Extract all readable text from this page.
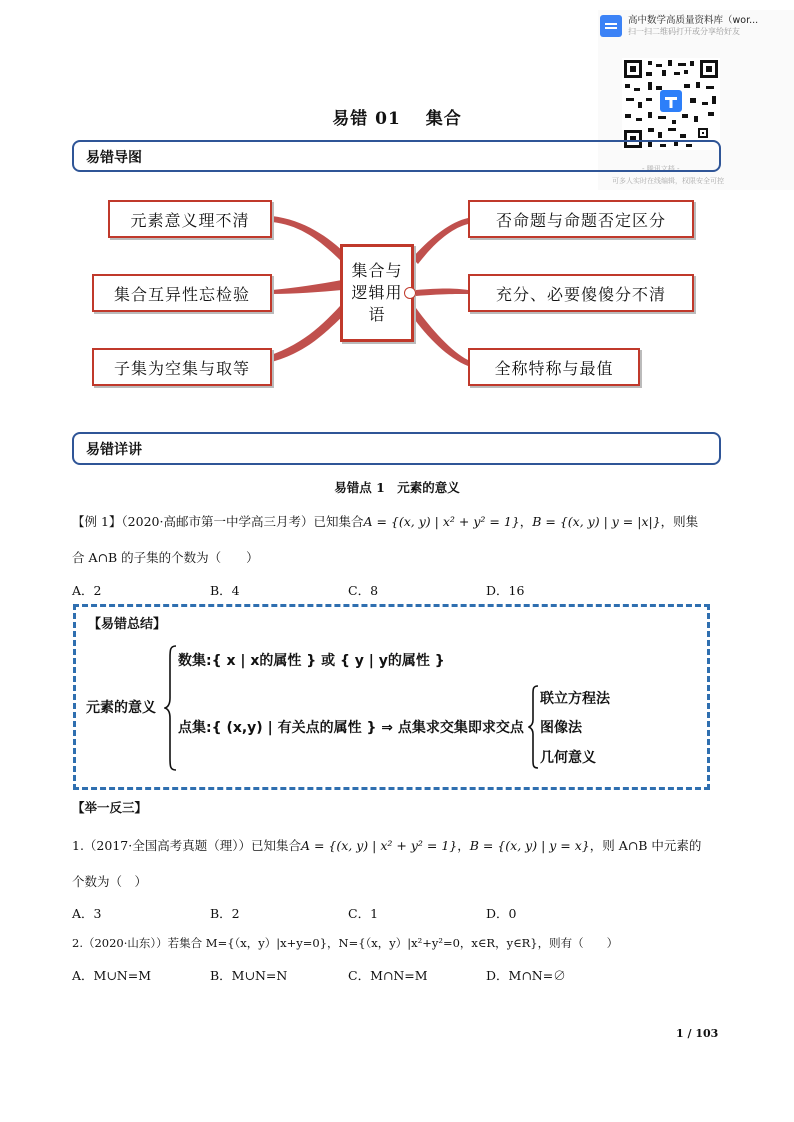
高中数学高质量资料库（wor...
扫一扫二维码打开或分享给好友
- 腾讯文档 -
可多人实时在线编辑，权限安全可控
易错 01　 集合
易错导图
集合与逻辑用语
元素意义理不清
集合互异性忘检验
子集为空集与取等
否命题与命题否定区分
充分、必要傻傻分不清
全称特称与最值
易错详讲
易错点 1　元素的意义
【例 1】（2020·高邮市第一中学高三月考）已知集合A = {(x, y) | x² + y² = 1}，B = {(x, y) | y = |x|}，则集
合 A∩B 的子集的个数为（　　）
A．2	B．4	C．8	D．16
【易错总结】
元素的意义
数集:{ x | x的属性 } 或 { y | y的属性 }
点集:{ (x,y) | 有关点的属性 } ⇒ 点集求交集即求交点
联立方程法
图像法
几何意义
【举一反三】
1.（2017·全国高考真题（理））已知集合A = {(x, y) | x² + y² = 1}，B = {(x, y) | y = x}，则 A∩B 中元素的
个数为（　）
A．3	B．2	C．1	D．0
2.（2020·山东））若集合 M={（x，y）|x+y=0}，N={（x，y）|x²+y²=0，x∈R，y∈R}，则有（　　）
A．M∪N=M	B．M∪N=N	C．M∩N=M	D．M∩N=∅
1 / 103
